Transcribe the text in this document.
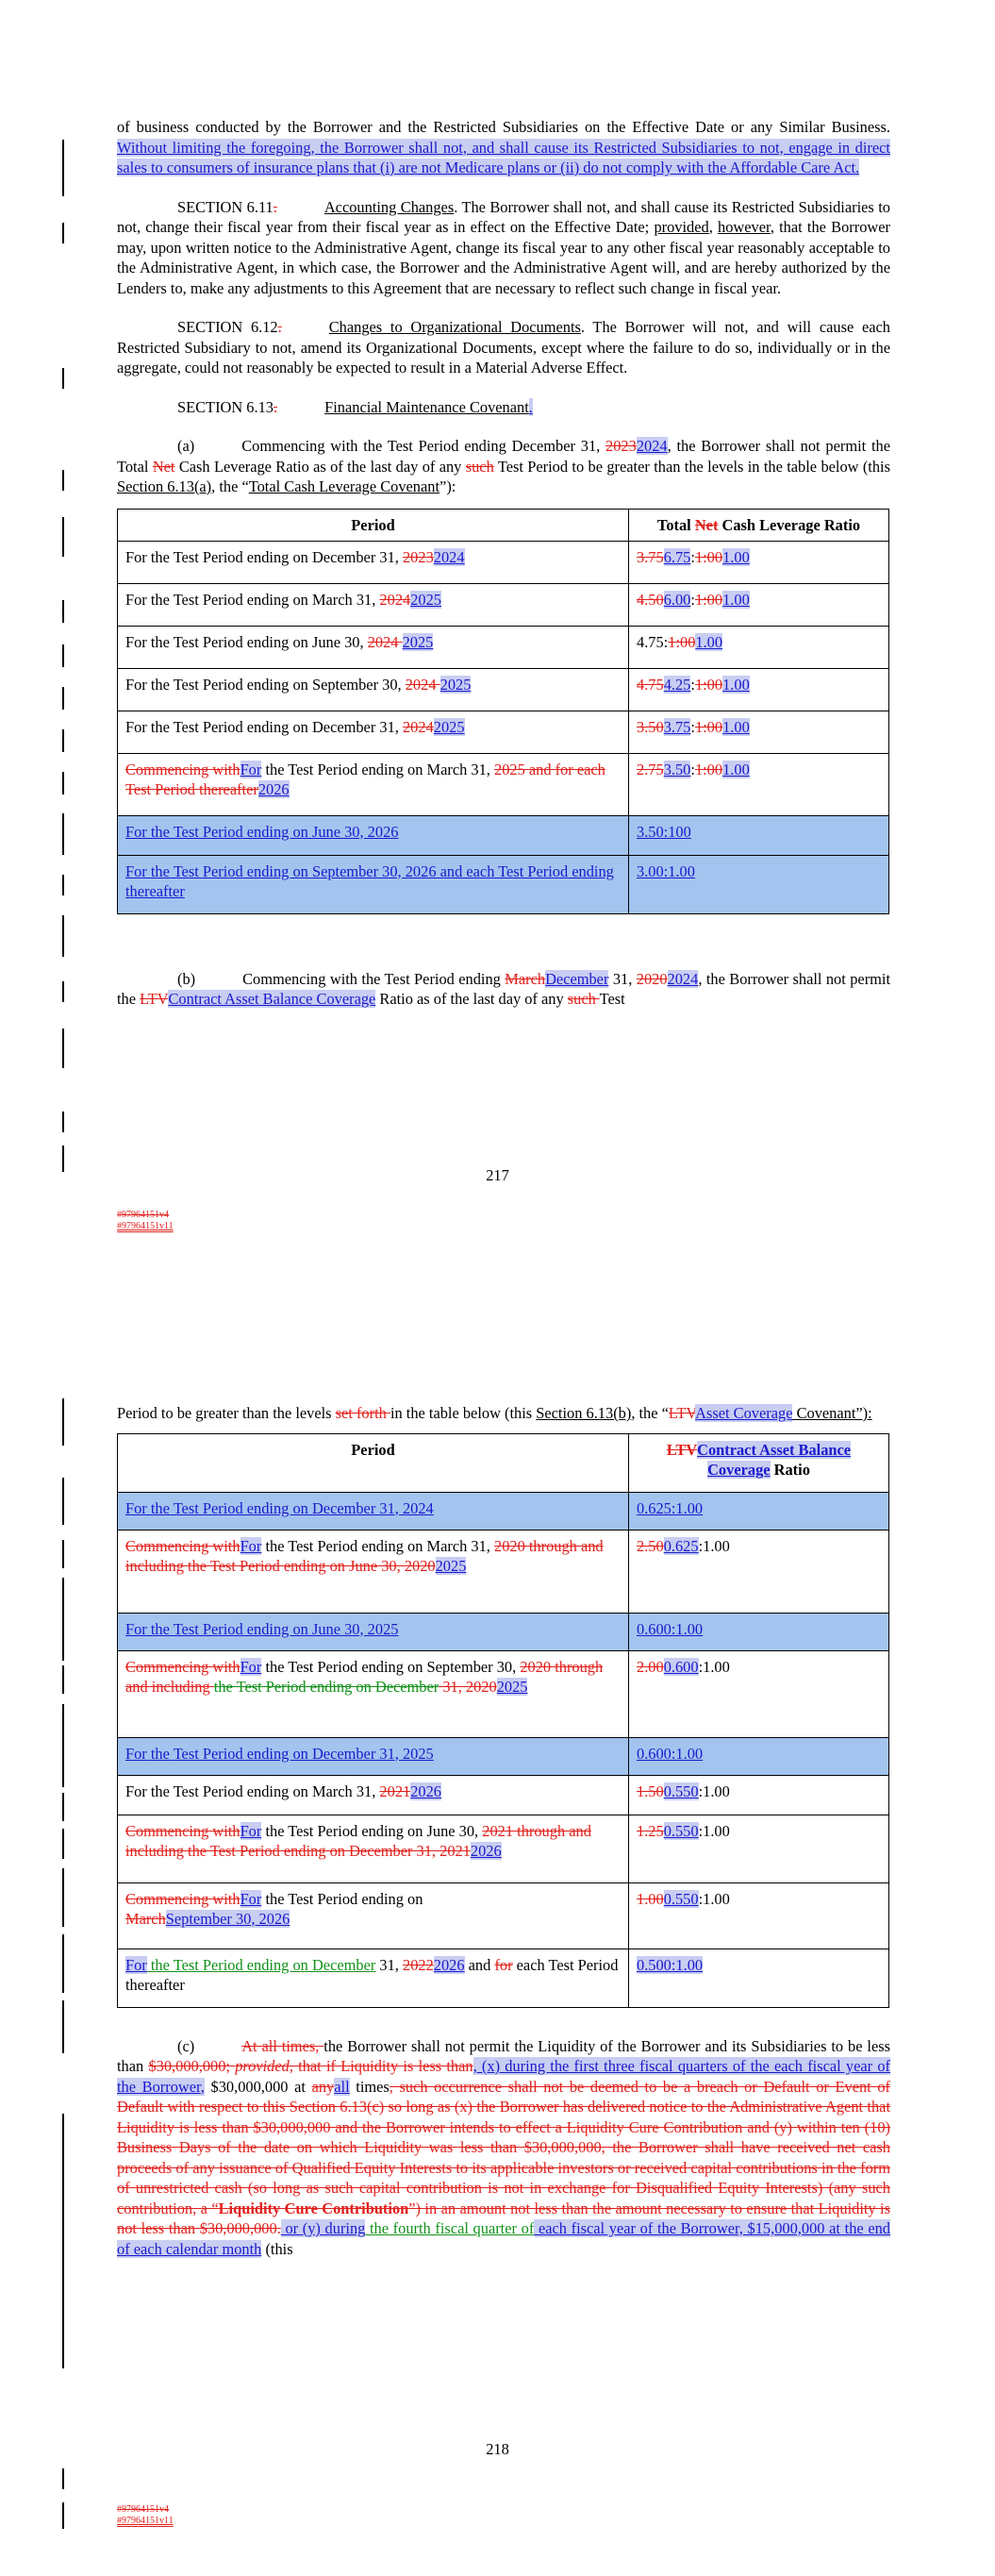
of business conducted by the Borrower and the Restricted Subsidiaries on the Effective Date or any Similar Business. Without limiting the foregoing, the Borrower shall not, and shall cause its Restricted Subsidiaries to not, engage in direct sales to consumers of insurance plans that (i) are not Medicare plans or (ii) do not comply with the Affordable Care Act.

SECTION 6.11.	Accounting Changes. The Borrower shall not, and shall cause its Restricted Subsidiaries to not, change their fiscal year from their fiscal year as in effect on the Effective Date; provided, however, that the Borrower may, upon written notice to the Administrative Agent, change its fiscal year to any other fiscal year reasonably acceptable to the Administrative Agent, in which case, the Borrower and the Administrative Agent will, and are hereby authorized by the Lenders to, make any adjustments to this Agreement that are necessary to reflect such change in fiscal year.

SECTION 6.12.	Changes to Organizational Documents. The Borrower will not, and will cause each Restricted Subsidiary to not, amend its Organizational Documents, except where the failure to do so, individually or in the aggregate, could not reasonably be expected to result in a Material Adverse Effect.

SECTION 6.13.	Financial Maintenance Covenant.

(a)	Commencing with the Test Period ending December 31, 20232024, the Borrower shall not permit the Total Net Cash Leverage Ratio as of the last day of any such Test Period to be greater than the levels in the table below (this Section 6.13(a), the “Total Cash Leverage Covenant”):

Period	Total Net Cash Leverage Ratio
For the Test Period ending on December 31, 20232024	3.756.75:1:001.00
For the Test Period ending on March 31, 20242025	4.506.00:1:001.00
For the Test Period ending on June 30, 2024 2025	4.75:1:001.00
For the Test Period ending on September 30, 2024 2025	4.754.25:1:001.00
For the Test Period ending on December 31, 20242025	3.503.75:1:001.00
Commencing withFor the Test Period ending on March 31, 2025 and for each Test Period thereafter2026	2.753.50:1:001.00
For the Test Period ending on June 30, 2026	3.50:100
For the Test Period ending on September 30, 2026 and each Test Period ending thereafter	3.00:1.00

(b)	Commencing with the Test Period ending MarchDecember 31, 20202024, the Borrower shall not permit the LTVContract Asset Balance Coverage Ratio as of the last day of any such Test

217
#97964151v4
#97964151v11

Period to be greater than the levels set forth in the table below (this Section 6.13(b), the “LTVAsset Coverage Covenant”):

Period	LTVContract Asset Balance Coverage Ratio
For the Test Period ending on December 31, 2024	0.625:1.00
Commencing withFor the Test Period ending on March 31, 2020 through and including the Test Period ending on June 30, 20202025	2.500.625:1.00
For the Test Period ending on June 30, 2025	0.600:1.00
Commencing withFor the Test Period ending on September 30, 2020 through and including the Test Period ending on December 31, 20202025	2.000.600:1.00
For the Test Period ending on December 31, 2025	0.600:1.00
For the Test Period ending on March 31, 20212026	1.500.550:1.00
Commencing withFor the Test Period ending on June 30, 2021 through and including the Test Period ending on December 31, 20212026	1.250.550:1.00
Commencing withFor the Test Period ending on
MarchSeptember 30, 2026	1.000.550:1.00
For the Test Period ending on December 31, 20222026 and for each Test Period thereafter	0.500:1.00

(c)	At all times, the Borrower shall not permit the Liquidity of the Borrower and its Subsidiaries to be less than $30,000,000; provided, that if Liquidity is less than, (x) during the first three fiscal quarters of the each fiscal year of the Borrower, $30,000,000 at anyall times, such occurrence shall not be deemed to be a breach or Default or Event of Default with respect to this Section 6.13(c) so long as (x) the Borrower has delivered notice to the Administrative Agent that Liquidity is less than $30,000,000 and the Borrower intends to effect a Liquidity Cure Contribution and (y) within ten (10) Business Days of the date on which Liquidity was less than $30,000,000, the Borrower shall have received net cash proceeds of any issuance of Qualified Equity Interests to its applicable investors or received capital contributions in the form of unrestricted cash (so long as such capital contribution is not in exchange for Disqualified Equity Interests) (any such contribution, a “Liquidity Cure Contribution”) in an amount not less than the amount necessary to ensure that Liquidity is not less than $30,000,000. or (y) during the fourth fiscal quarter of each fiscal year of the Borrower, $15,000,000 at the end of each calendar month (this

218
#97964151v4
#97964151v11
